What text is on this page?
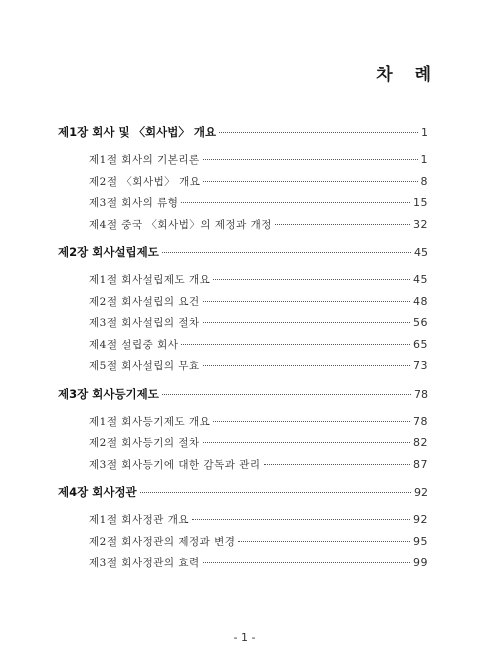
차 례
제1장 회사 및 〈회사법〉 개요	1
제1절 회사의 기본리론	1
제2절 〈회사법〉 개요	8
제3절 회사의 류형	15
제4절 중국 〈회사법〉의 제정과 개정	32
제2장 회사설립제도	45
제1절 회사설립제도 개요	45
제2절 회사설립의 요건	48
제3절 회사설립의 절차	56
제4절 설립중 회사	65
제5절 회사설립의 무효	73
제3장 회사등기제도	78
제1절 회사등기제도 개요	78
제2절 회사등기의 절차	82
제3절 회사등기에 대한 감독과 관리	87
제4장 회사정관	92
제1절 회사정관 개요	92
제2절 회사정관의 제정과 변경	95
제3절 회사정관의 효력	99
- 1 -
